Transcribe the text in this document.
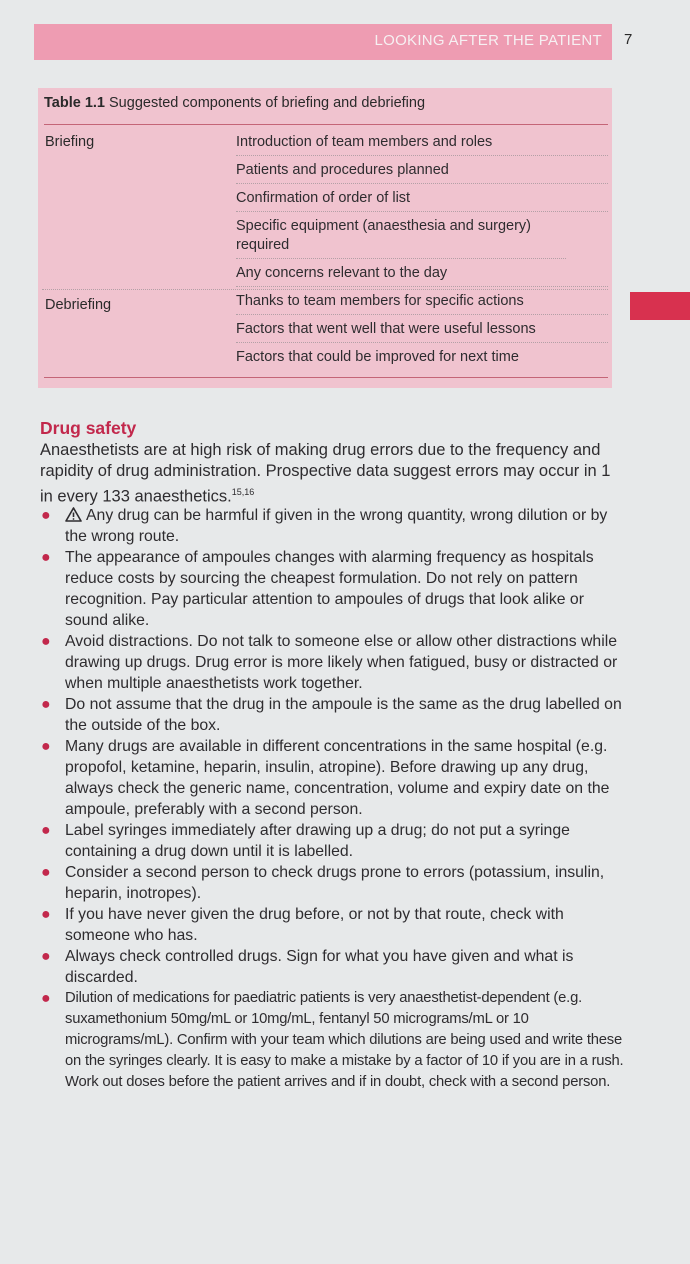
LOOKING AFTER THE PATIENT 7
Table 1.1 Suggested components of briefing and debriefing
Briefing	Introduction of team members and roles
Patients and procedures planned
Confirmation of order of list
Specific equipment (anaesthesia and surgery) required
Any concerns relevant to the day
Debriefing	Thanks to team members for specific actions
Factors that went well that were useful lessons
Factors that could be improved for next time
Drug safety
Anaesthetists are at high risk of making drug errors due to the frequency and rapidity of drug administration. Prospective data suggest errors may occur in 1 in every 133 anaesthetics.$^{15,16}$
● Any drug can be harmful if given in the wrong quantity, wrong dilution or by the wrong route.
● The appearance of ampoules changes with alarming frequency as hospitals reduce costs by sourcing the cheapest formulation. Do not rely on pattern recognition. Pay particular attention to ampoules of drugs that look alike or sound alike.
● Avoid distractions. Do not talk to someone else or allow other distractions while drawing up drugs. Drug error is more likely when fatigued, busy or distracted or when multiple anaesthetists work together.
● Do not assume that the drug in the ampoule is the same as the drug labelled on the outside of the box.
● Many drugs are available in different concentrations in the same hospital (e.g. propofol, ketamine, heparin, insulin, atropine). Before drawing up any drug, always check the generic name, concentration, volume and expiry date on the ampoule, preferably with a second person.
● Label syringes immediately after drawing up a drug; do not put a syringe containing a drug down until it is labelled.
● Consider a second person to check drugs prone to errors (potassium, insulin, heparin, inotropes).
● If you have never given the drug before, or not by that route, check with someone who has.
● Always check controlled drugs. Sign for what you have given and what is discarded.
● Dilution of medications for paediatric patients is very anaesthetist-dependent (e.g. suxamethonium 50mg/mL or 10mg/mL, fentanyl 50 micrograms/mL or 10 micrograms/mL). Confirm with your team which dilutions are being used and write these on the syringes clearly. It is easy to make a mistake by a factor of 10 if you are in a rush. Work out doses before the patient arrives and if in doubt, check with a second person.
